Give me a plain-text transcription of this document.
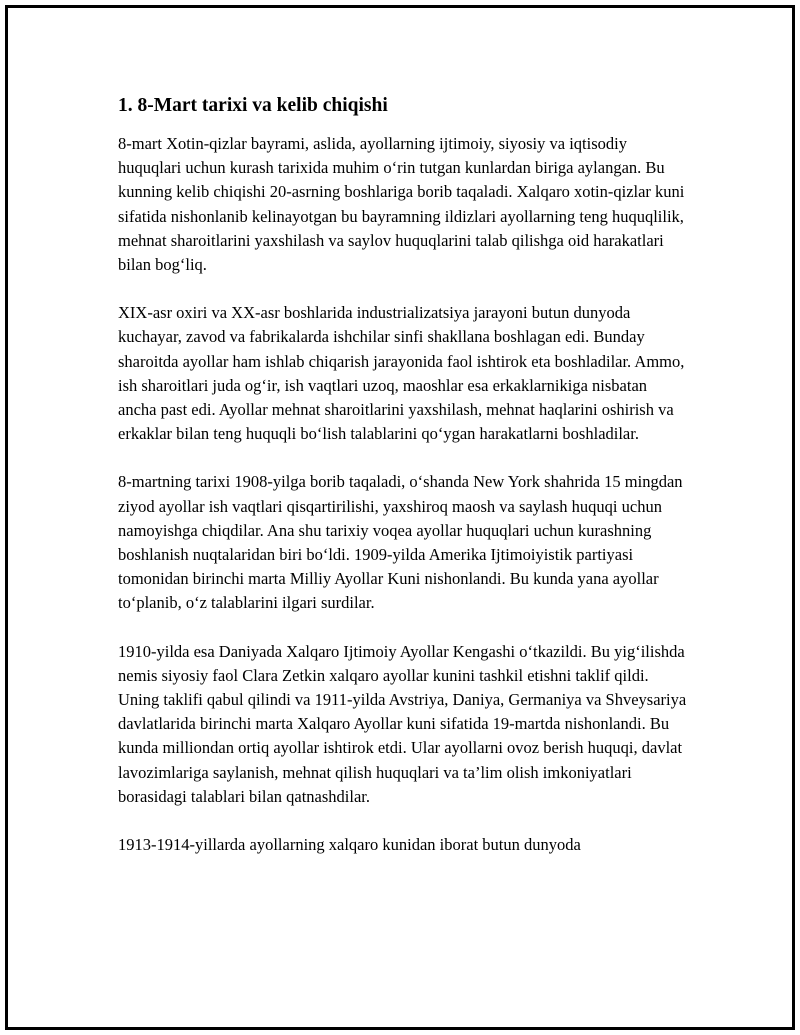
1. 8-Mart tarixi va kelib chiqishi

8-mart Xotin-qizlar bayrami, aslida, ayollarning ijtimoiy, siyosiy va iqtisodiy huquqlari uchun kurash tarixida muhim oʻrin tutgan kunlardan biriga aylangan. Bu kunning kelib chiqishi 20-asrning boshlariga borib taqaladi. Xalqaro xotin-qizlar kuni sifatida nishonlanib kelinayotgan bu bayramning ildizlari ayollarning teng huquqlilik, mehnat sharoitlarini yaxshilash va saylov huquqlarini talab qilishga oid harakatlari bilan bogʻliq.

XIX-asr oxiri va XX-asr boshlarida industrializatsiya jarayoni butun dunyoda kuchayar, zavod va fabrikalarda ishchilar sinfi shakllana boshlagan edi. Bunday sharoitda ayollar ham ishlab chiqarish jarayonida faol ishtirok eta boshladilar. Ammo, ish sharoitlari juda ogʻir, ish vaqtlari uzoq, maoshlar esa erkaklarnikiga nisbatan ancha past edi. Ayollar mehnat sharoitlarini yaxshilash, mehnat haqlarini oshirish va erkaklar bilan teng huquqli boʻlish talablarini qoʻygan harakatlarni boshladilar.

8-martning tarixi 1908-yilga borib taqaladi, oʻshanda New York shahrida 15 mingdan ziyod ayollar ish vaqtlari qisqartirilishi, yaxshiroq maosh va saylash huquqi uchun namoyishga chiqdilar. Ana shu tarixiy voqea ayollar huquqlari uchun kurashning boshlanish nuqtalaridan biri boʻldi. 1909-yilda Amerika Ijtimoiyistik partiyasi tomonidan birinchi marta Milliy Ayollar Kuni nishonlandi. Bu kunda yana ayollar toʻplanib, oʻz talablarini ilgari surdilar.

1910-yilda esa Daniyada Xalqaro Ijtimoiy Ayollar Kengashi oʻtkazildi. Bu yigʻilishda nemis siyosiy faol Clara Zetkin xalqaro ayollar kunini tashkil etishni taklif qildi. Uning taklifi qabul qilindi va 1911-yilda Avstriya, Daniya, Germaniya va Shveysariya davlatlarida birinchi marta Xalqaro Ayollar kuni sifatida 19-martda nishonlandi. Bu kunda milliondan ortiq ayollar ishtirok etdi. Ular ayollarni ovoz berish huquqi, davlat lavozimlariga saylanish, mehnat qilish huquqlari va ta’lim olish imkoniyatlari borasidagi talablari bilan qatnashdilar.

1913-1914-yillarda ayollarning xalqaro kunidan iborat butun dunyoda
